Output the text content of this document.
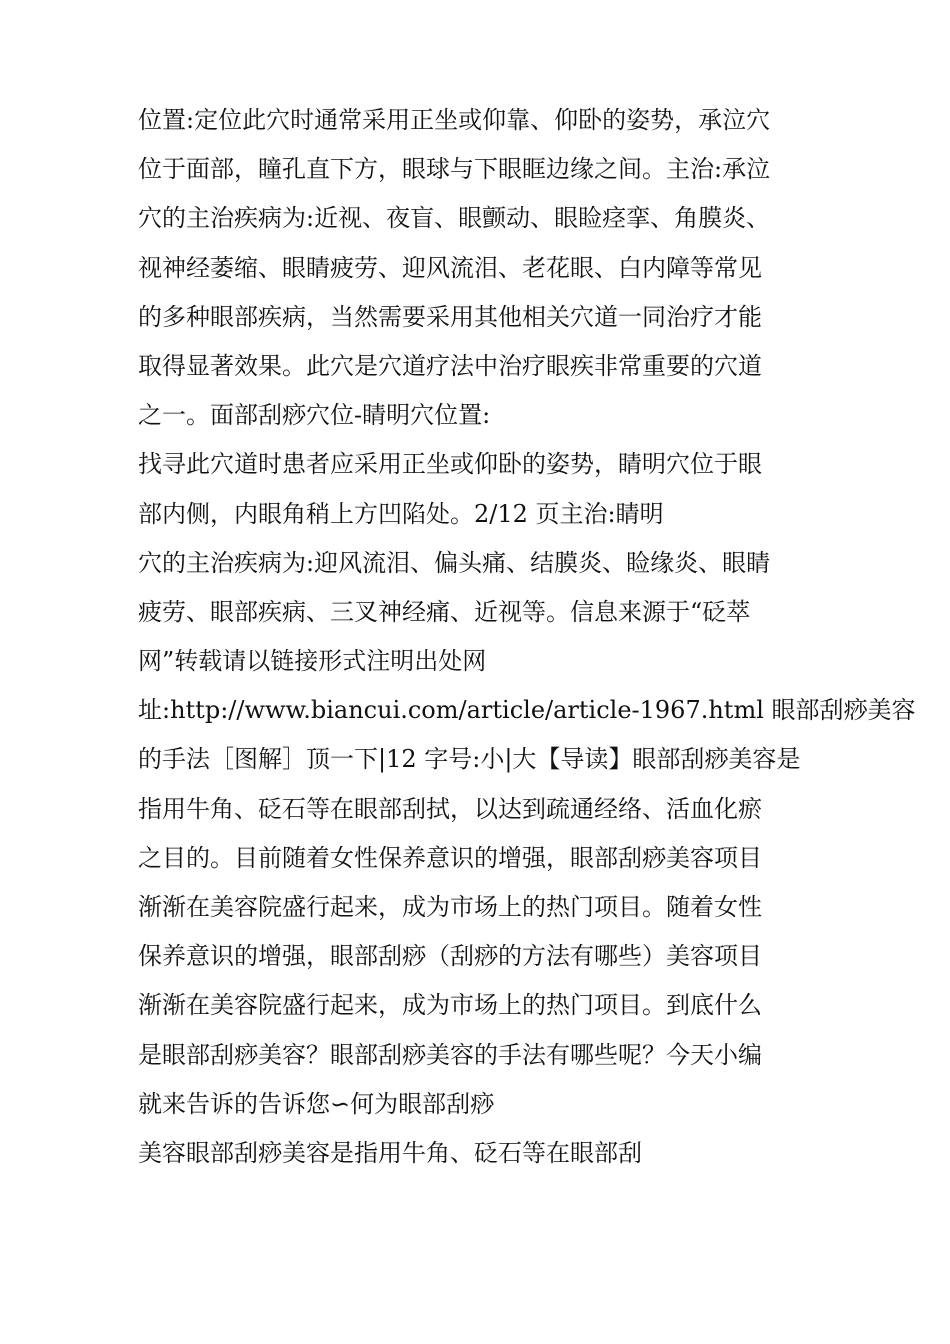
位置:定位此穴时通常采用正坐或仰靠、仰卧的姿势，承泣穴
位于面部，瞳孔直下方，眼球与下眼眶边缘之间。主治:承泣
穴的主治疾病为:近视、夜盲、眼颤动、眼睑痉挛、角膜炎、
视神经萎缩、眼睛疲劳、迎风流泪、老花眼、白内障等常见
的多种眼部疾病，当然需要采用其他相关穴道一同治疗才能
取得显著效果。此穴是穴道疗法中治疗眼疾非常重要的穴道
之一。面部刮痧穴位-睛明穴位置:
找寻此穴道时患者应采用正坐或仰卧的姿势，睛明穴位于眼
部内侧，内眼角稍上方凹陷处。2/12 页主治:睛明
穴的主治疾病为:迎风流泪、偏头痛、结膜炎、睑缘炎、眼睛
疲劳、眼部疾病、三叉神经痛、近视等。信息来源于“砭萃
网”转载请以链接形式注明出处网
址:http://www.biancui.com/article/article-1967.html 眼部刮痧美容
的手法［图解］顶一下|12 字号:小|大【导读】眼部刮痧美容是
指用牛角、砭石等在眼部刮拭，以达到疏通经络、活血化瘀
之目的。目前随着女性保养意识的增强，眼部刮痧美容项目
渐渐在美容院盛行起来，成为市场上的热门项目。随着女性
保养意识的增强，眼部刮痧（刮痧的方法有哪些）美容项目
渐渐在美容院盛行起来，成为市场上的热门项目。到底什么
是眼部刮痧美容？眼部刮痧美容的手法有哪些呢？今天小编
就来告诉的告诉您∽何为眼部刮痧
美容眼部刮痧美容是指用牛角、砭石等在眼部刮
